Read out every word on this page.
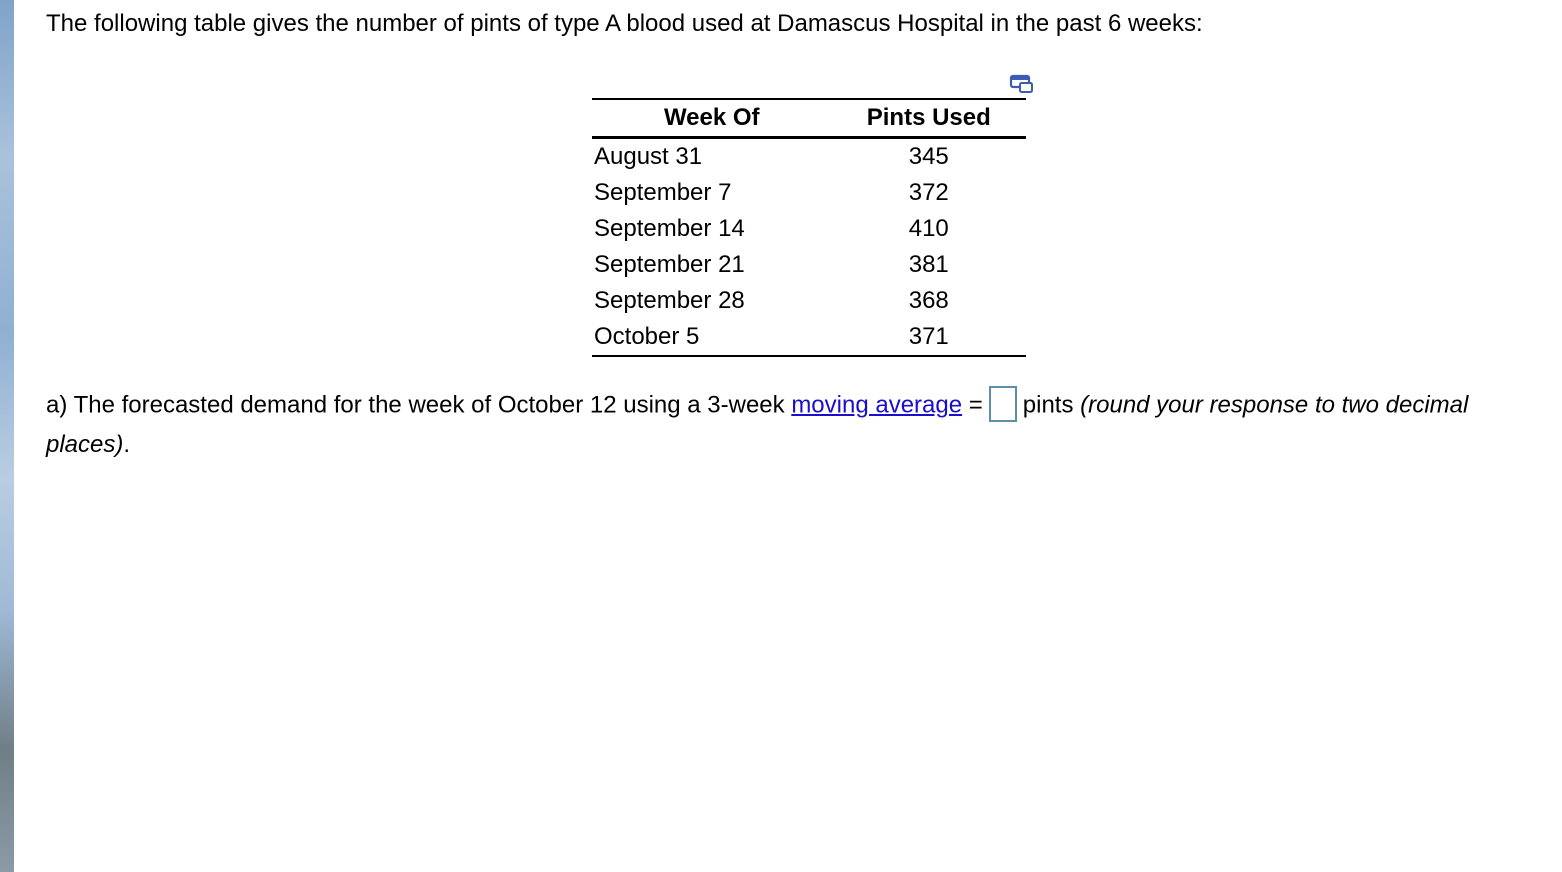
The following table gives the number of pints of type A blood used at Damascus Hospital in the past 6 weeks:
Week Of	Pints Used
August 31	345
September 7	372
September 14	410
September 21	381
September 28	368
October 5	371
a) The forecasted demand for the week of October 12 using a 3-week moving average = pints (round your response to two decimal places).
